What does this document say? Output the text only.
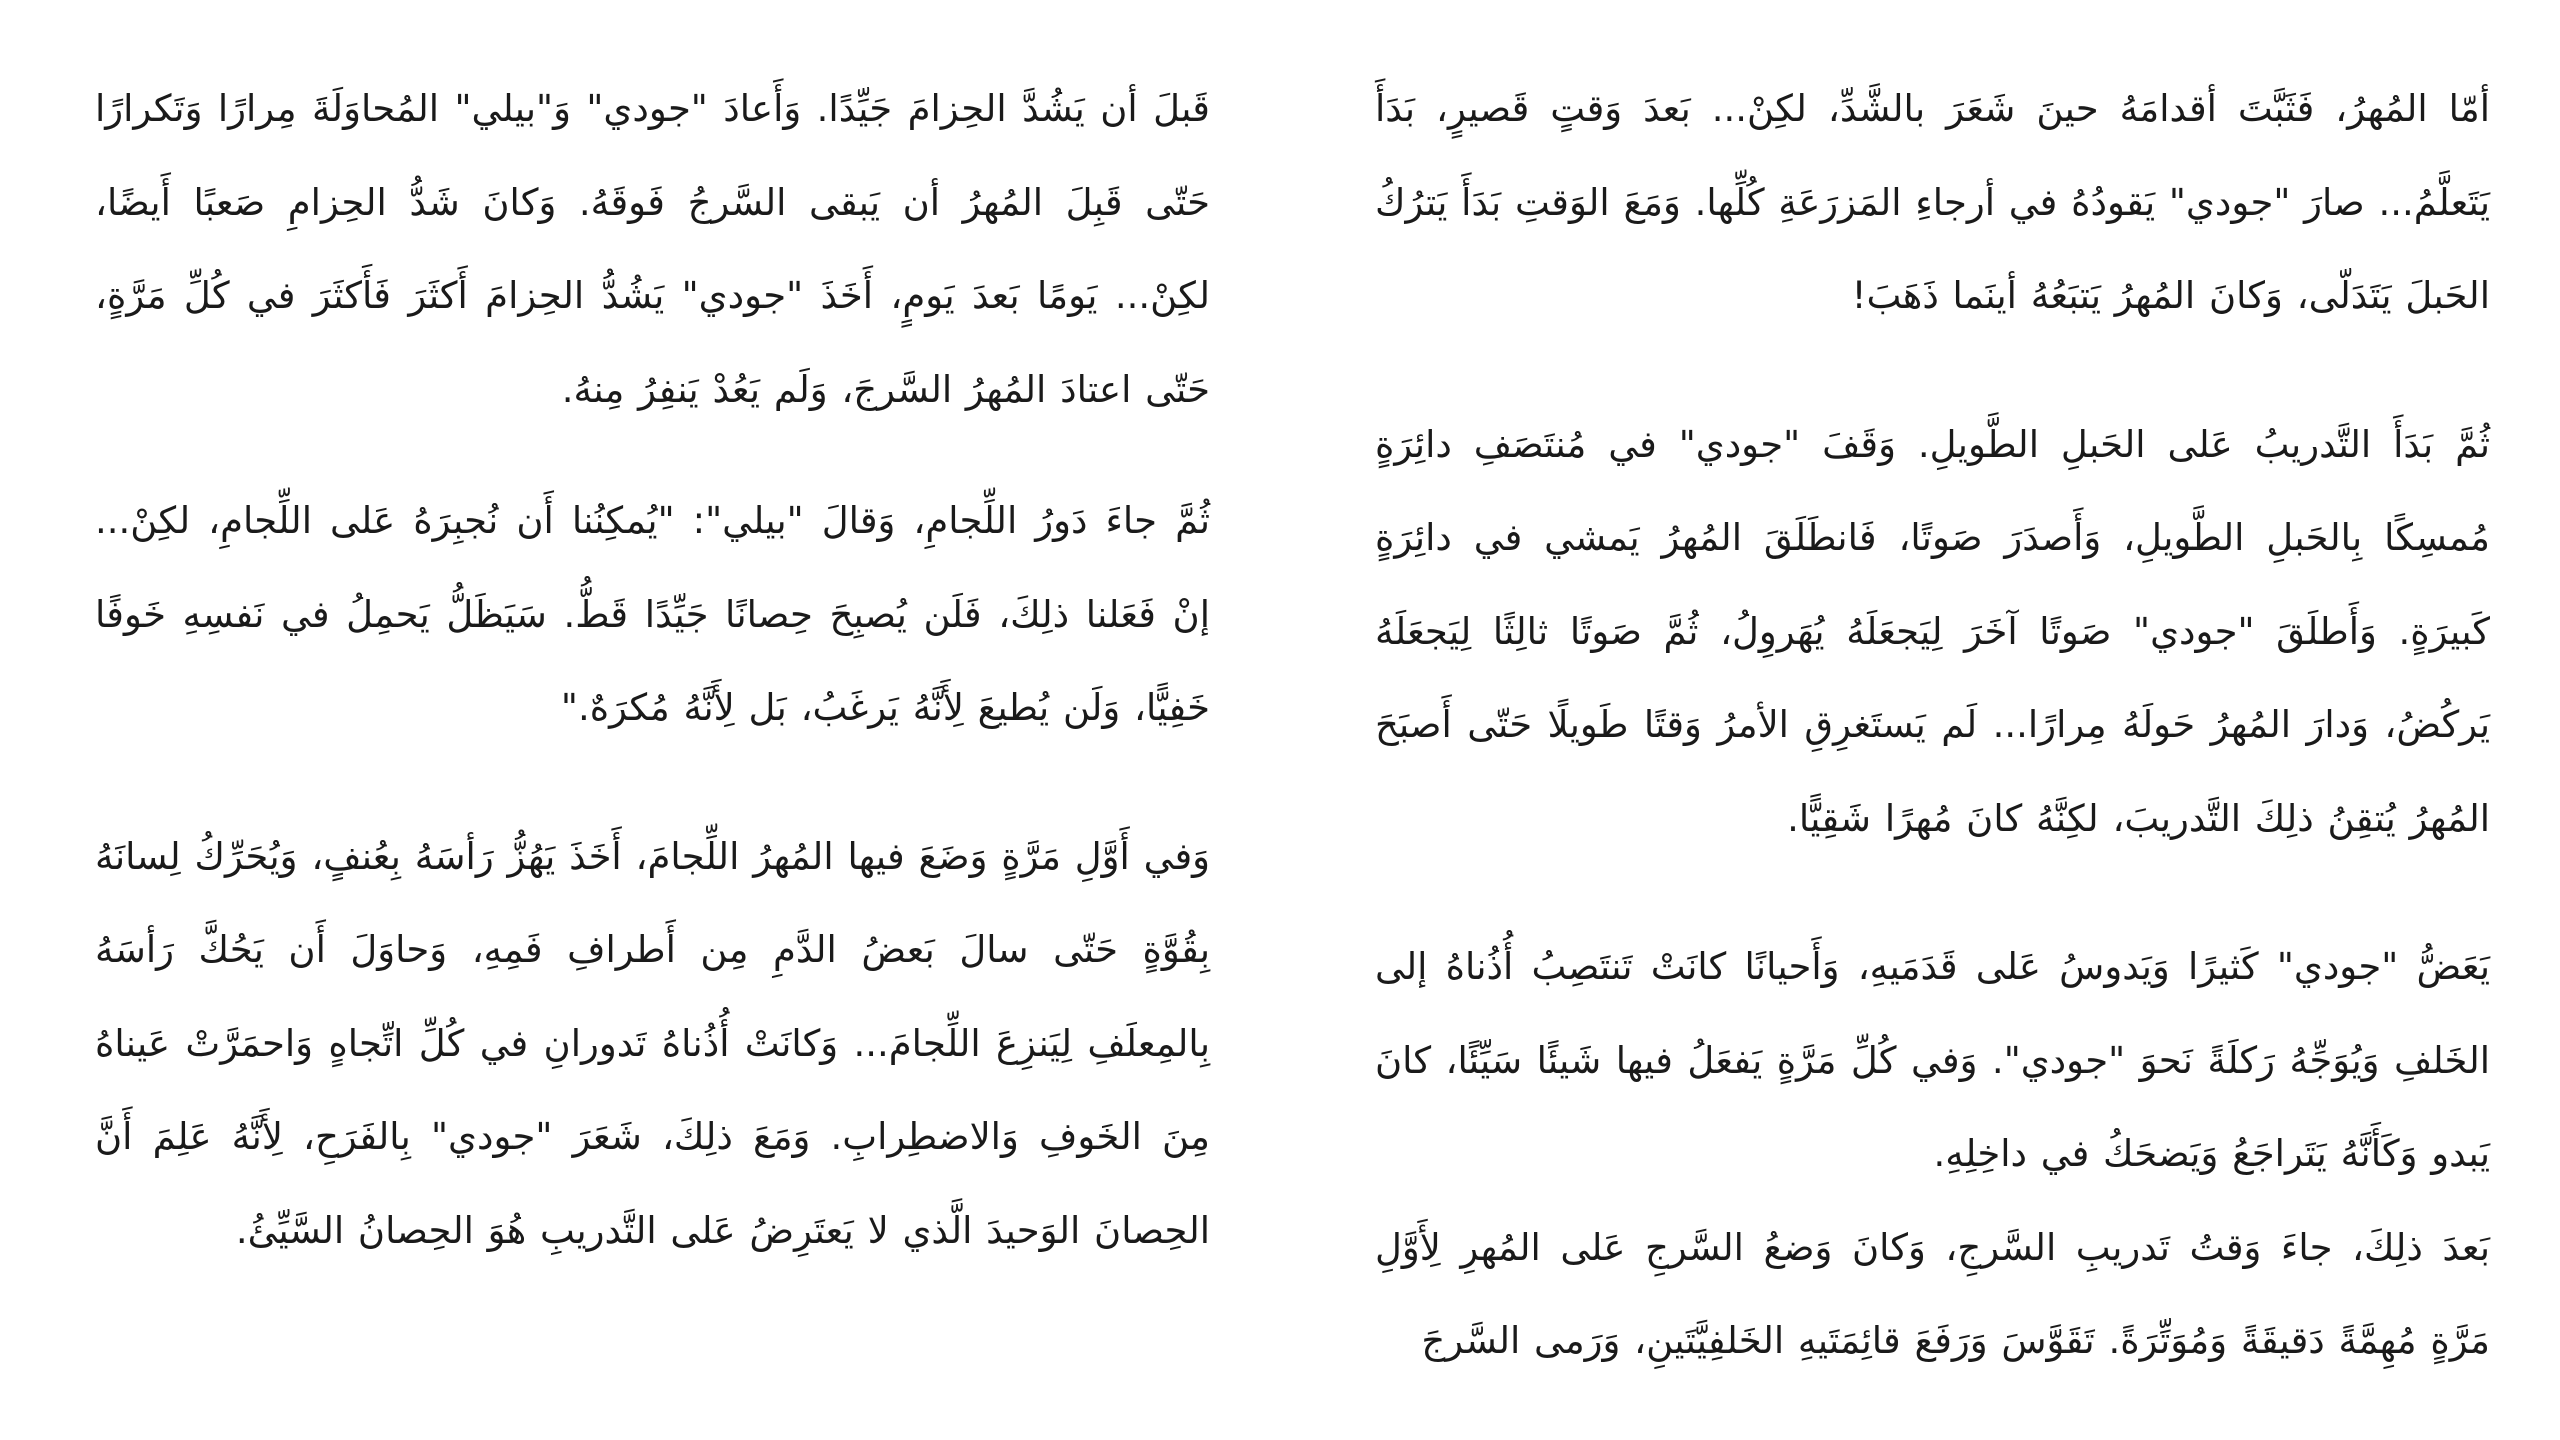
أمّا المُهرُ، فَثَبَّتَ أقدامَهُ حينَ شَعَرَ بالشَّدِّ، لكِنْ... بَعدَ وَقتٍ قَصيرٍ، بَدَأَ يَتَعلَّمُ... صارَ "جودي" يَقودُهُ في أرجاءِ المَزرَعَةِ كُلِّها. وَمَعَ الوَقتِ بَدَأَ يَترُكُ الحَبلَ يَتَدَلّى، وَكانَ المُهرُ يَتبَعُهُ أينَما ذَهَبَ!

ثُمَّ بَدَأَ التَّدريبُ عَلى الحَبلِ الطَّويلِ. وَقَفَ "جودي" في مُنتَصَفِ دائِرَةٍ مُمسِكًا بِالحَبلِ الطَّويلِ، وَأَصدَرَ صَوتًا، فَانطَلَقَ المُهرُ يَمشي في دائِرَةٍ كَبيرَةٍ. وَأَطلَقَ "جودي" صَوتًا آخَرَ لِيَجعَلَهُ يُهَروِلُ، ثُمَّ صَوتًا ثالِثًا لِيَجعَلَهُ يَركُضُ، وَدارَ المُهرُ حَولَهُ مِرارًا... لَم يَستَغرِقِ الأمرُ وَقتًا طَويلًا حَتّى أَصبَحَ المُهرُ يُتقِنُ ذلِكَ التَّدريبَ، لكِنَّهُ كانَ مُهرًا شَقِيًّا.

يَعَضُّ "جودي" كَثيرًا وَيَدوسُ عَلى قَدَمَيهِ، وَأَحيانًا كانَتْ تَنتَصِبُ أُذُناهُ إلى الخَلفِ وَيُوَجِّهُ رَكلَةً نَحوَ "جودي". وَفي كُلِّ مَرَّةٍ يَفعَلُ فيها شَيئًا سَيِّئًا، كانَ يَبدو وَكَأَنَّهُ يَتَراجَعُ وَيَضحَكُ في داخِلِهِ.

بَعدَ ذلِكَ، جاءَ وَقتُ تَدريبِ السَّرجِ، وَكانَ وَضعُ السَّرجِ عَلى المُهرِ لِأَوَّلِ مَرَّةٍ مُهِمَّةً دَقيقَةً وَمُوَتِّرَةً. تَقَوَّسَ وَرَفَعَ قائِمَتَيهِ الخَلفِيَّتَينِ، وَرَمى السَّرجَ

قَبلَ أن يَشُدَّ الحِزامَ جَيِّدًا. وَأَعادَ "جودي" وَ"بيلي" المُحاوَلَةَ مِرارًا وَتَكرارًا حَتّى قَبِلَ المُهرُ أن يَبقى السَّرجُ فَوقَهُ. وَكانَ شَدُّ الحِزامِ صَعبًا أَيضًا، لكِنْ... يَومًا بَعدَ يَومٍ، أَخَذَ "جودي" يَشُدُّ الحِزامَ أَكثَرَ فَأَكثَرَ في كُلِّ مَرَّةٍ، حَتّى اعتادَ المُهرُ السَّرجَ، وَلَم يَعُدْ يَنفِرُ مِنهُ.

ثُمَّ جاءَ دَورُ اللِّجامِ، وَقالَ "بيلي": "يُمكِنُنا أَن نُجبِرَهُ عَلى اللِّجامِ، لكِنْ... إنْ فَعَلنا ذلِكَ، فَلَن يُصبِحَ حِصانًا جَيِّدًا قَطُّ. سَيَظَلُّ يَحمِلُ في نَفسِهِ خَوفًا خَفِيًّا، وَلَن يُطيعَ لِأَنَّهُ يَرغَبُ، بَل لِأَنَّهُ مُكرَهٌ."

وَفي أَوَّلِ مَرَّةٍ وَضَعَ فيها المُهرُ اللِّجامَ، أَخَذَ يَهُزُّ رَأسَهُ بِعُنفٍ، وَيُحَرِّكُ لِسانَهُ بِقُوَّةٍ حَتّى سالَ بَعضُ الدَّمِ مِن أَطرافِ فَمِهِ، وَحاوَلَ أَن يَحُكَّ رَأسَهُ بِالمِعلَفِ لِيَنزِعَ اللِّجامَ... وَكانَتْ أُذُناهُ تَدورانِ في كُلِّ اتِّجاهٍ وَاحمَرَّتْ عَيناهُ مِنَ الخَوفِ وَالاضطِرابِ. وَمَعَ ذلِكَ، شَعَرَ "جودي" بِالفَرَحِ، لِأَنَّهُ عَلِمَ أَنَّ الحِصانَ الوَحيدَ الَّذي لا يَعتَرِضُ عَلى التَّدريبِ هُوَ الحِصانُ السَّيِّئُ.
